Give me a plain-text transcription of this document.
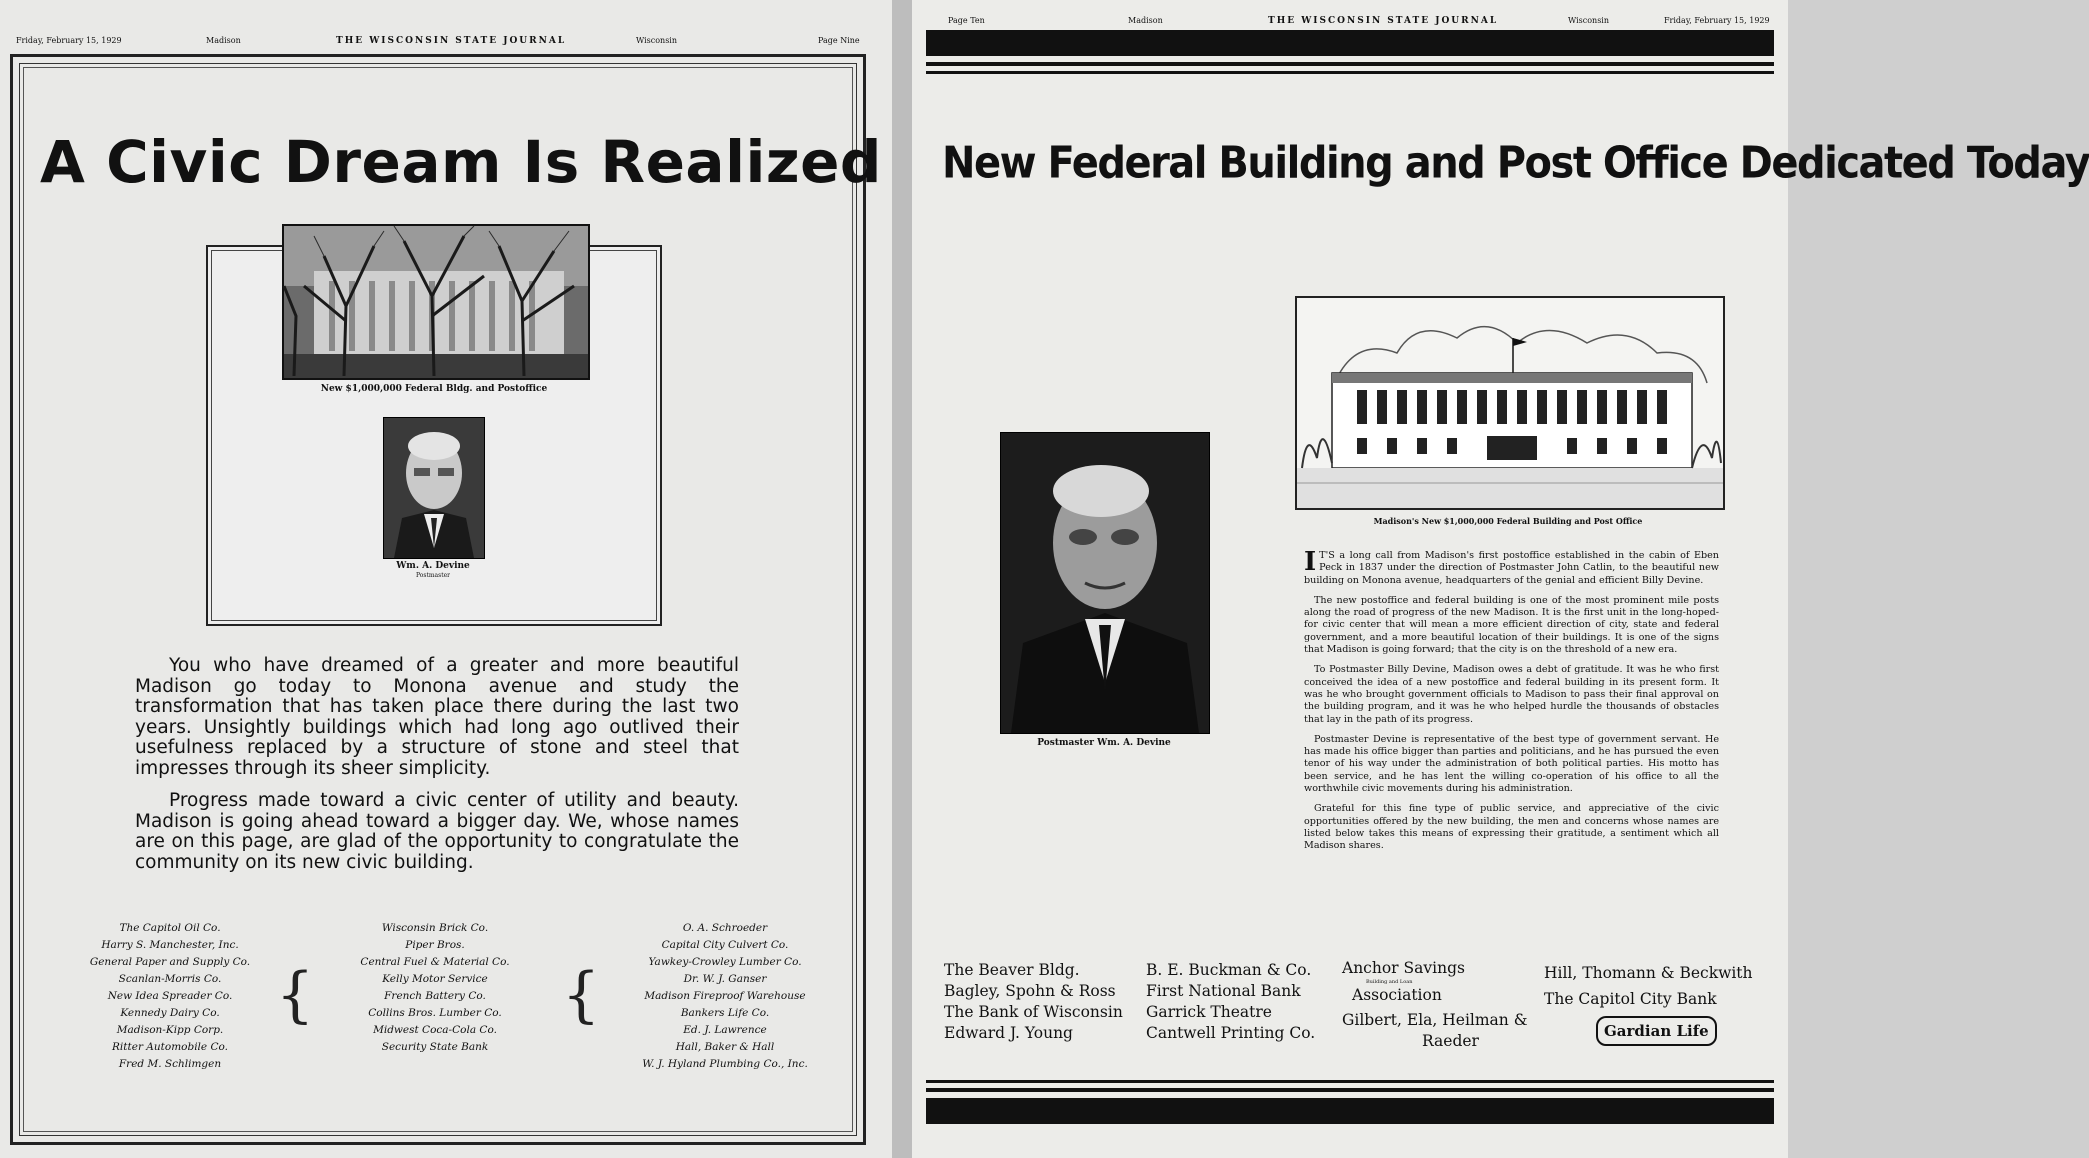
Friday, February 15, 1929	Madison	THE WISCONSIN STATE JOURNAL	Wisconsin	Page Nine
A Civic Dream Is Realized
New $1,000,000 Federal Bldg. and Postoffice
Wm. A. Devine
Postmaster

You who have dreamed of a greater and more beautiful Madison go today to Monona avenue and study the transformation that has taken place there during the last two years. Unsightly buildings which had long ago outlived their usefulness replaced by a structure of stone and steel that impresses through its sheer simplicity.

Progress made toward a civic center of utility and beauty. Madison is going ahead toward a bigger day. We, whose names are on this page, are glad of the opportunity to congratulate the community on its new civic building.

The Capitol Oil Co.
Harry S. Manchester, Inc.
General Paper and Supply Co.
Scanlan-Morris Co.
New Idea Spreader Co.
Kennedy Dairy Co.
Madison-Kipp Corp.
Ritter Automobile Co.
Fred M. Schlimgen
{
Wisconsin Brick Co.
Piper Bros.
Central Fuel & Material Co.
Kelly Motor Service
French Battery Co.
Collins Bros. Lumber Co.
Midwest Coca-Cola Co.
Security State Bank
{
O. A. Schroeder
Capital City Culvert Co.
Yawkey-Crowley Lumber Co.
Dr. W. J. Ganser
Madison Fireproof Warehouse
Bankers Life Co.
Ed. J. Lawrence
Hall, Baker & Hall
W. J. Hyland Plumbing Co., Inc.
Page Ten	Madison	THE WISCONSIN STATE JOURNAL	Wisconsin	Friday, February 15, 1929
New Federal Building and Post Office Dedicated Today
Postmaster Wm. A. Devine
Madison's New $1,000,000 Federal Building and Post Office

I T'S a long call from Madison's first postoffice established in the cabin of Eben Peck in 1837 under the direction of Postmaster John Catlin, to the beautiful new building on Monona avenue, headquarters of the genial and efficient Billy Devine.

The new postoffice and federal building is one of the most prominent mile posts along the road of progress of the new Madison. It is the first unit in the long-hoped-for civic center that will mean a more efficient direction of city, state and federal government, and a more beautiful location of their buildings. It is one of the signs that Madison is going forward; that the city is on the threshold of a new era.

To Postmaster Billy Devine, Madison owes a debt of gratitude. It was he who first conceived the idea of a new postoffice and federal building in its present form. It was he who brought government officials to Madison to pass their final approval on the building program, and it was he who helped hurdle the thousands of obstacles that lay in the path of its progress.

Postmaster Devine is representative of the best type of government servant. He has made his office bigger than parties and politicians, and he has pursued the even tenor of his way under the administration of both political parties. His motto has been service, and he has lent the willing co-operation of his office to all the worthwhile civic movements during his administration.

Grateful for this fine type of public service, and appreciative of the civic opportunities offered by the new building, the men and concerns whose names are listed below takes this means of expressing their gratitude, a sentiment which all Madison shares.

The Beaver Bldg.
Bagley, Spohn & Ross
The Bank of Wisconsin
Edward J. Young
B. E. Buckman & Co.
First National Bank
Garrick Theatre
Cantwell Printing Co.
Anchor Savings
Building and Loan
Association
Gilbert, Ela, Heilman &
Raeder
Hill, Thomann & Beckwith
The Capitol City Bank
Gardian Life
